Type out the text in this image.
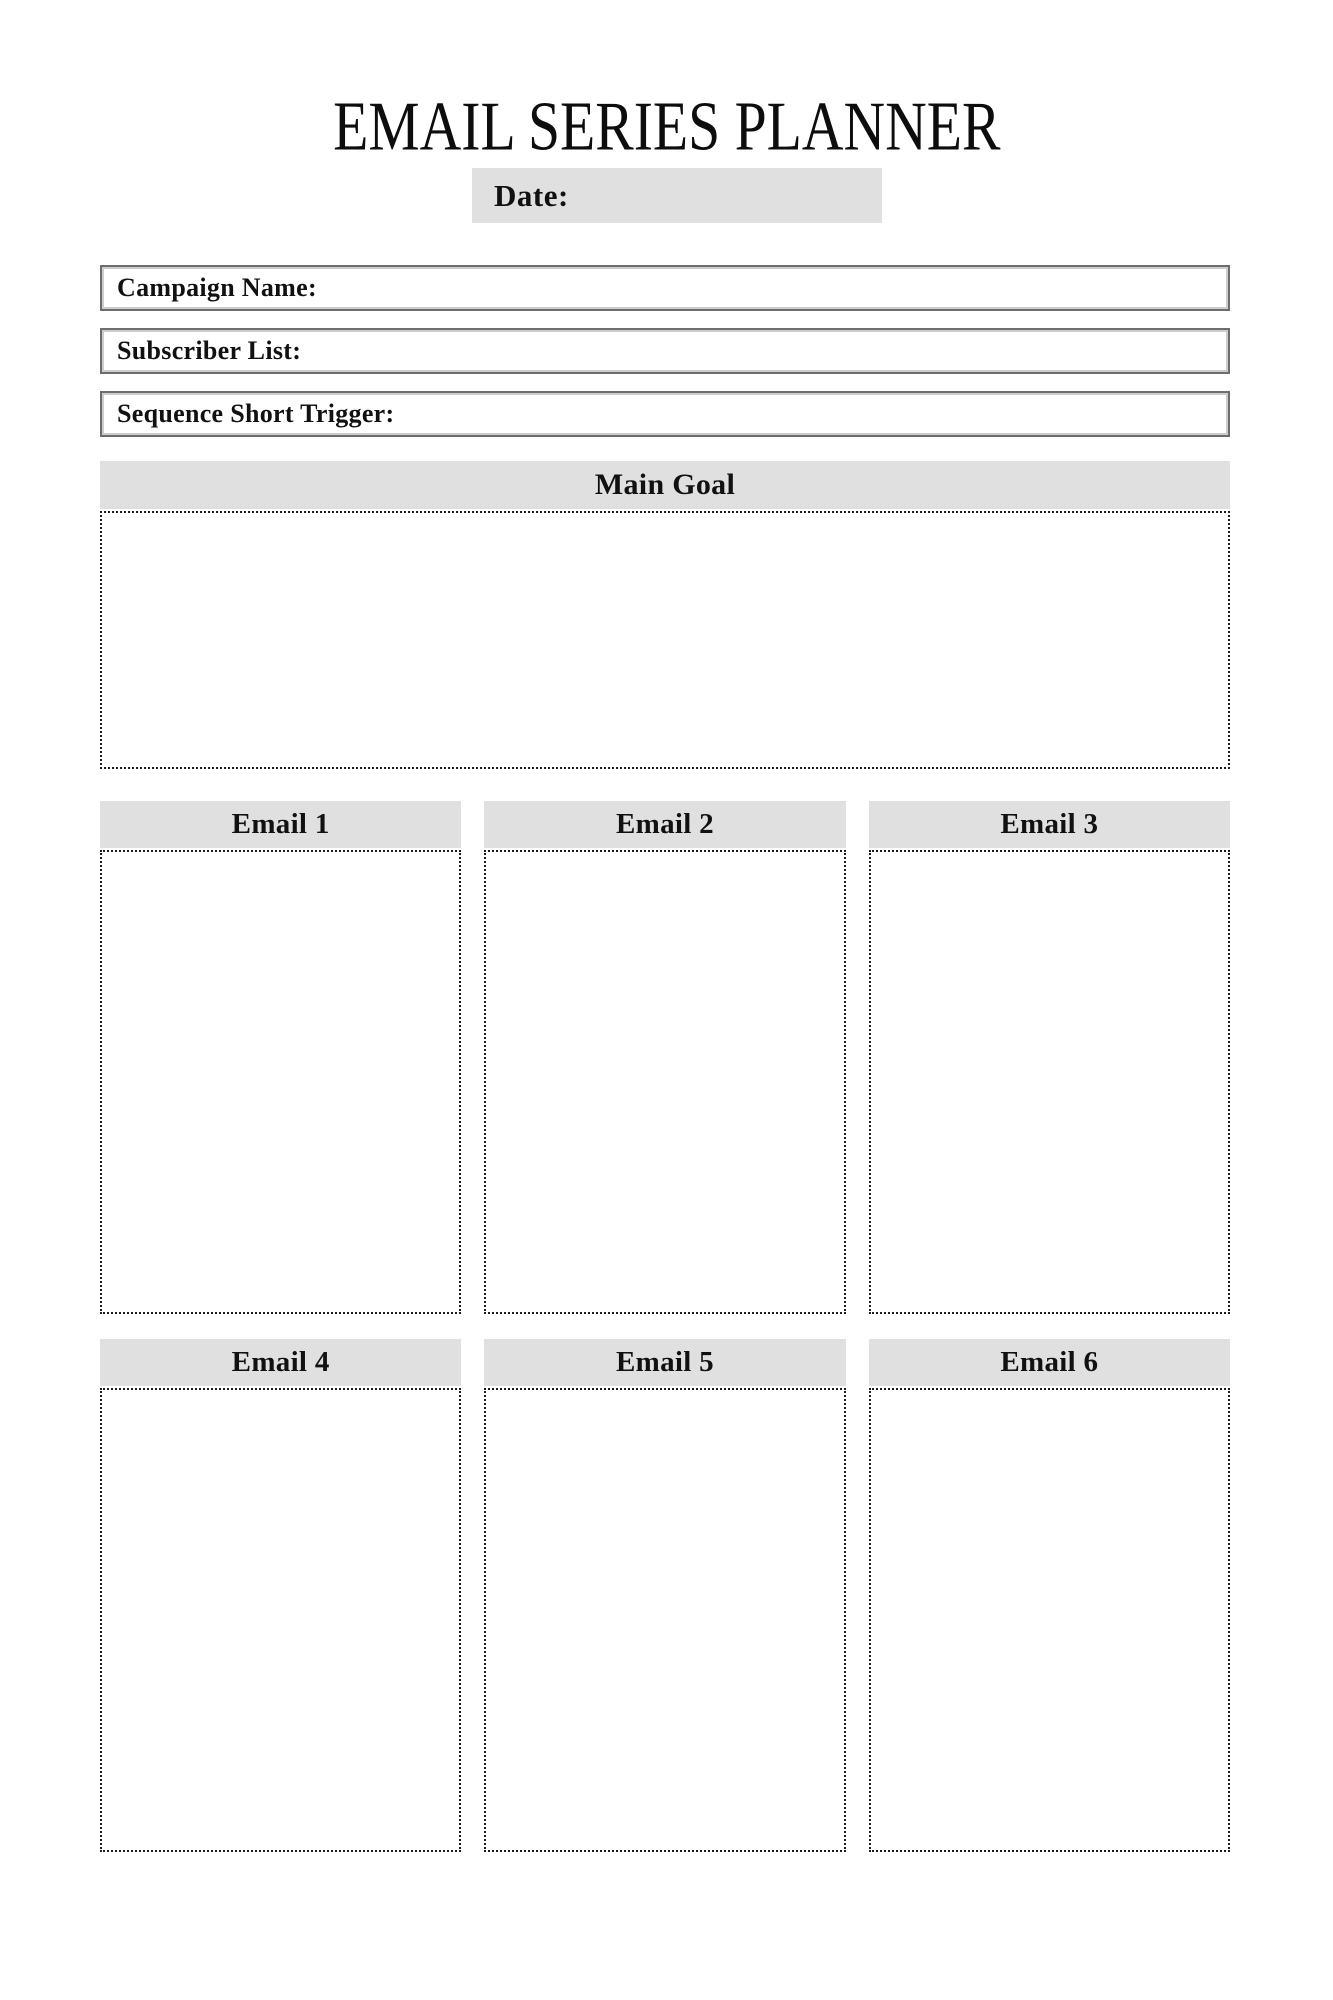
EMAIL SERIES PLANNER
Date:
Campaign Name:
Subscriber List:
Sequence Short Trigger:
Main Goal
Email 1	Email 2	Email 3
Email 4	Email 5	Email 6
